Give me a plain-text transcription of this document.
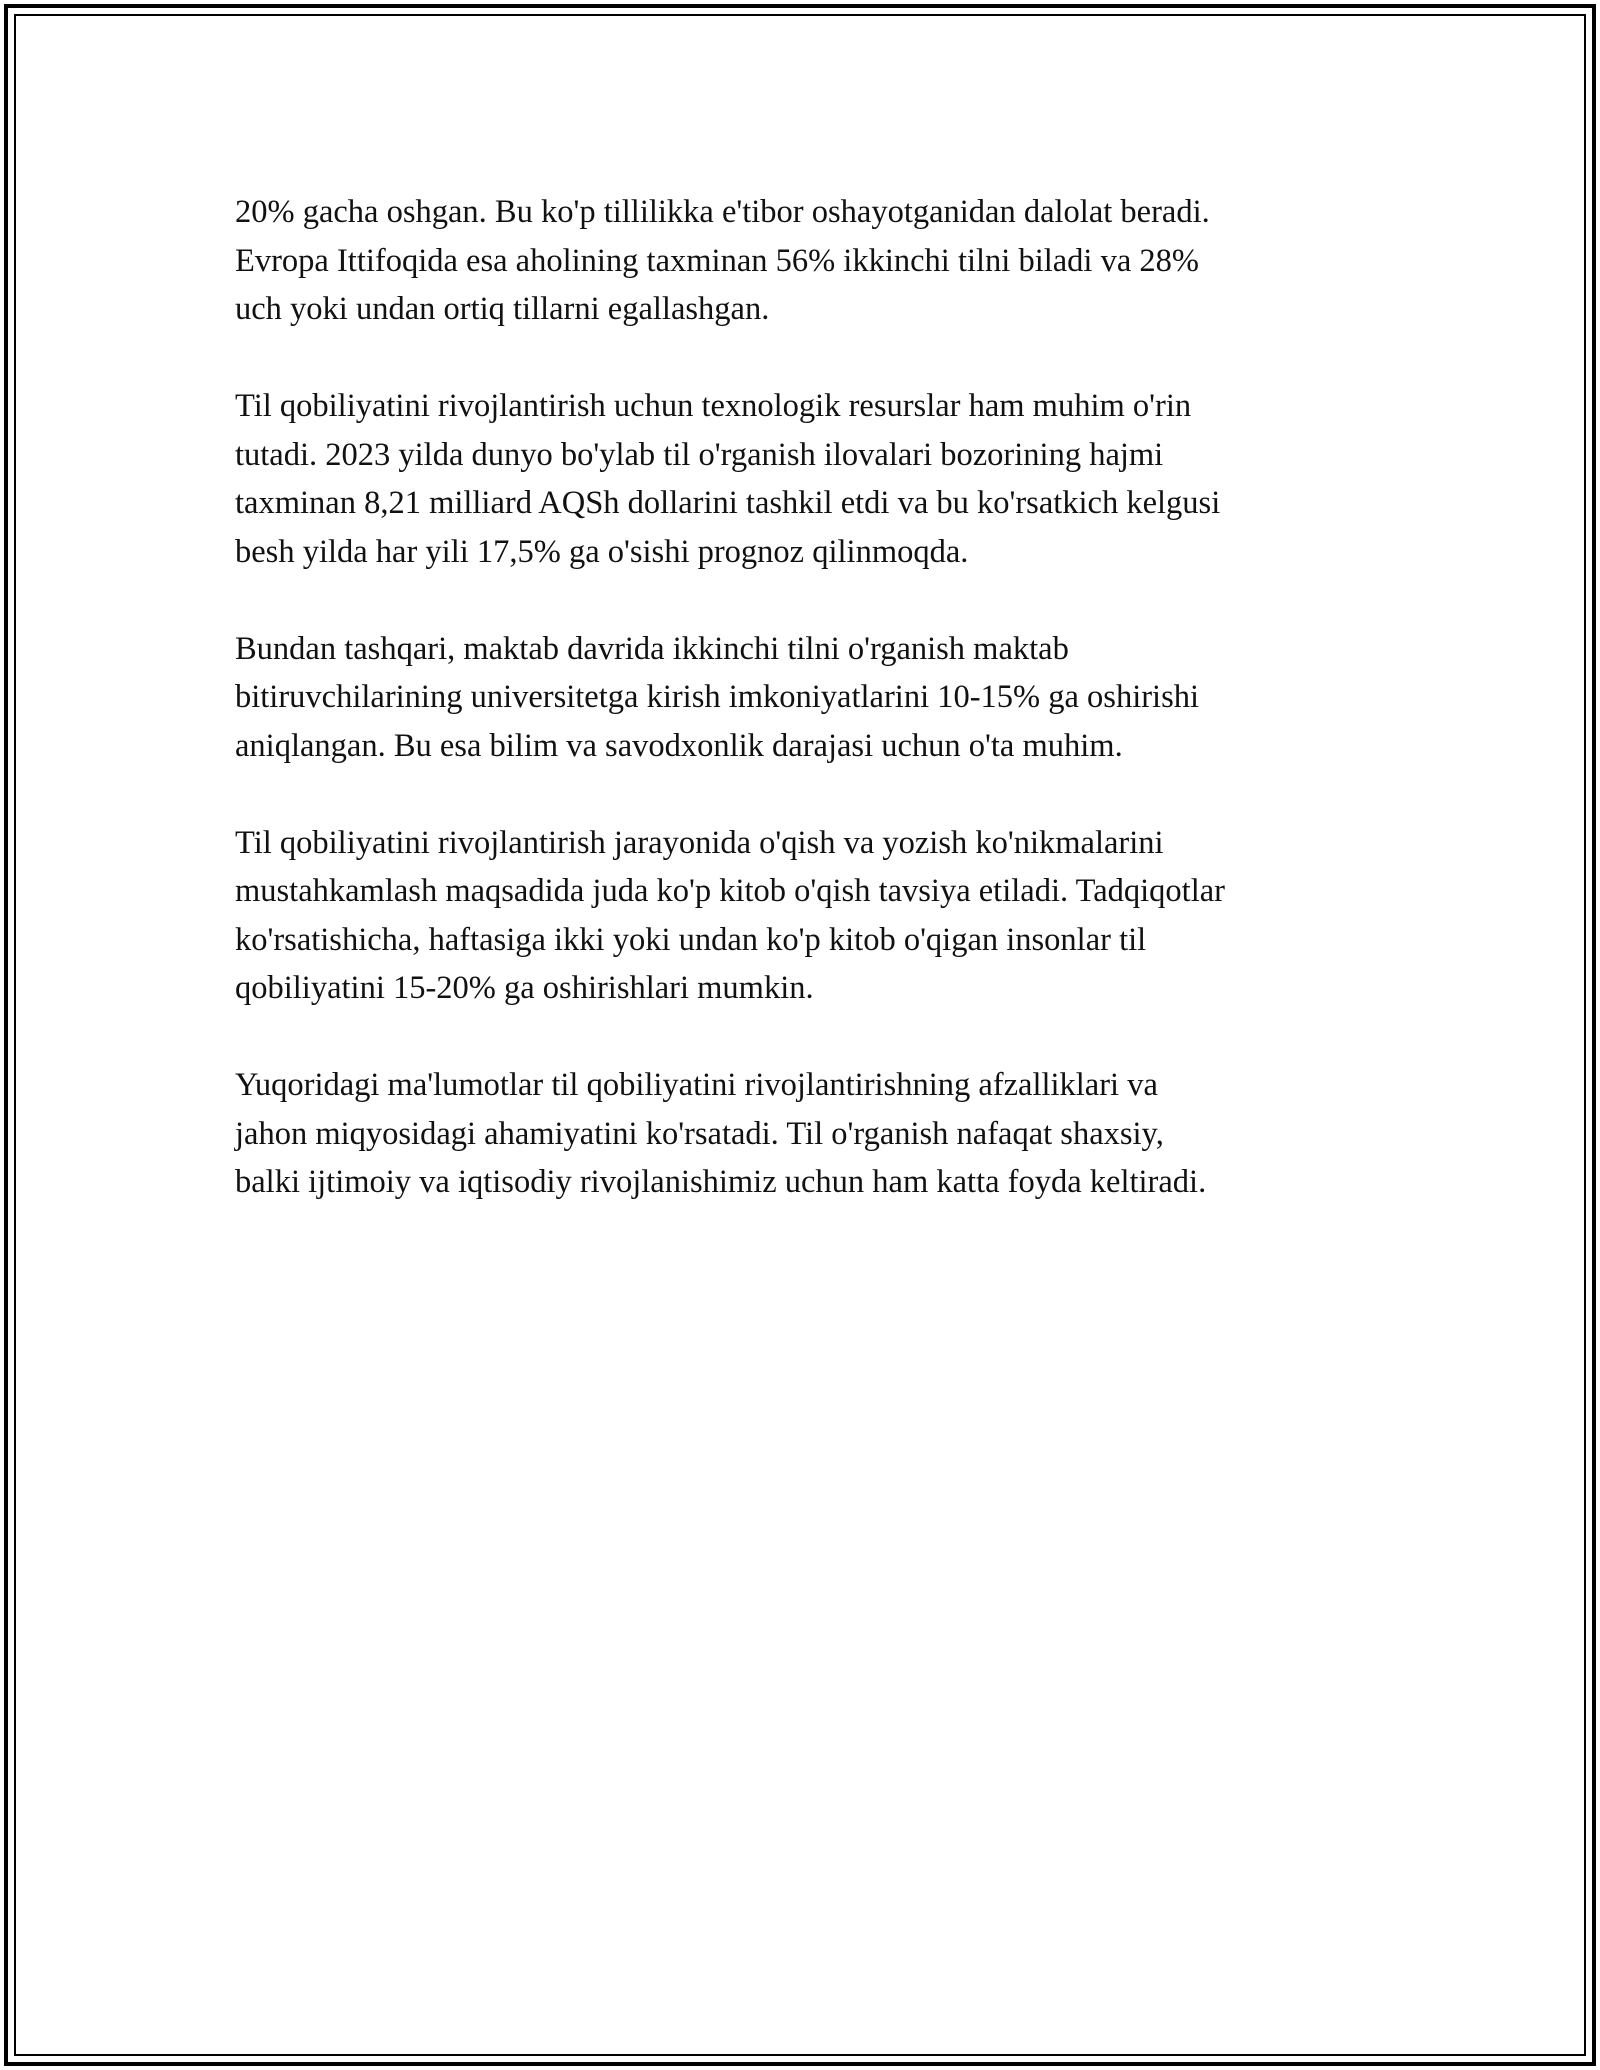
20% gacha oshgan. Bu ko'p tillilikka e'tibor oshayotganidan dalolat beradi.
Evropa Ittifoqida esa aholining taxminan 56% ikkinchi tilni biladi va 28%
uch yoki undan ortiq tillarni egallashgan.

Til qobiliyatini rivojlantirish uchun texnologik resurslar ham muhim o'rin
tutadi. 2023 yilda dunyo bo'ylab til o'rganish ilovalari bozorining hajmi
taxminan 8,21 milliard AQSh dollarini tashkil etdi va bu ko'rsatkich kelgusi
besh yilda har yili 17,5% ga o'sishi prognoz qilinmoqda.

Bundan tashqari, maktab davrida ikkinchi tilni o'rganish maktab
bitiruvchilarining universitetga kirish imkoniyatlarini 10-15% ga oshirishi
aniqlangan. Bu esa bilim va savodxonlik darajasi uchun o'ta muhim.

Til qobiliyatini rivojlantirish jarayonida o'qish va yozish ko'nikmalarini
mustahkamlash maqsadida juda ko'p kitob o'qish tavsiya etiladi. Tadqiqotlar
ko'rsatishicha, haftasiga ikki yoki undan ko'p kitob o'qigan insonlar til
qobiliyatini 15-20% ga oshirishlari mumkin.

Yuqoridagi ma'lumotlar til qobiliyatini rivojlantirishning afzalliklari va
jahon miqyosidagi ahamiyatini ko'rsatadi. Til o'rganish nafaqat shaxsiy,
balki ijtimoiy va iqtisodiy rivojlanishimiz uchun ham katta foyda keltiradi.
